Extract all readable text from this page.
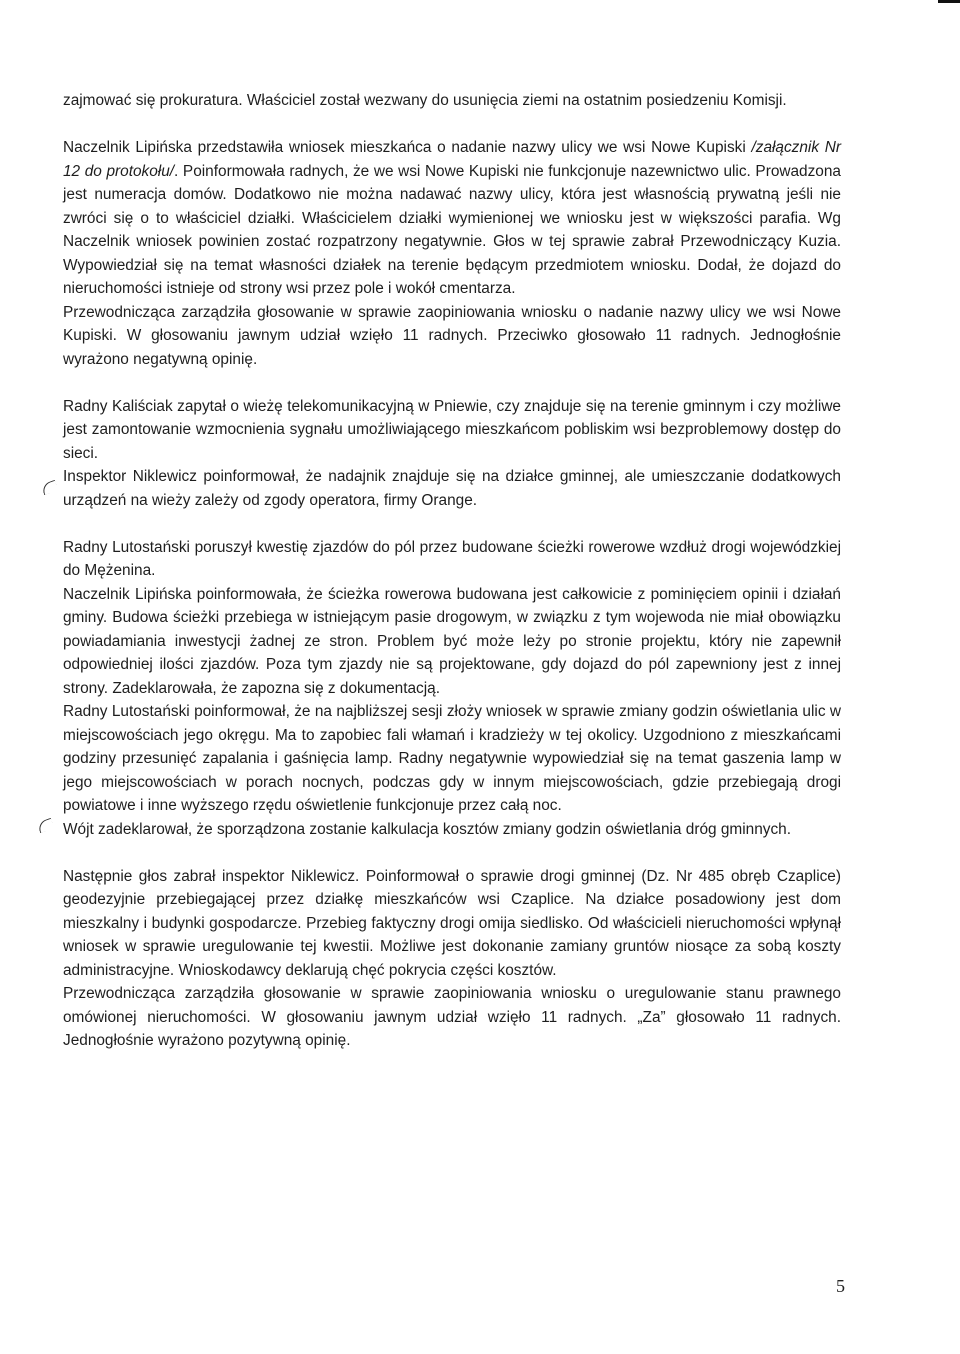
zajmować się prokuratura. Właściciel został wezwany do usunięcia ziemi na ostatnim posiedzeniu Komisji.

Naczelnik Lipińska przedstawiła wniosek mieszkańca o nadanie nazwy ulicy we wsi Nowe Kupiski /załącznik Nr 12 do protokołu/. Poinformowała radnych, że we wsi Nowe Kupiski nie funkcjonuje nazewnictwo ulic. Prowadzona jest numeracja domów. Dodatkowo nie można nadawać nazwy ulicy, która jest własnością prywatną jeśli nie zwróci się o to właściciel działki. Właścicielem działki wymienionej we wniosku jest w większości parafia. Wg Naczelnik wniosek powinien zostać rozpatrzony negatywnie. Głos w tej sprawie zabrał Przewodniczący Kuzia. Wypowiedział się na temat własności działek na terenie będącym przedmiotem wniosku. Dodał, że dojazd do nieruchomości istnieje od strony wsi przez pole i wokół cmentarza.

Przewodnicząca zarządziła głosowanie w sprawie zaopiniowania wniosku o nadanie nazwy ulicy we wsi Nowe Kupiski. W głosowaniu jawnym udział wzięło 11 radnych. Przeciwko głosowało 11 radnych. Jednogłośnie wyrażono negatywną opinię.

Radny Kaliściak zapytał o wieżę telekomunikacyjną w Pniewie, czy znajduje się na terenie gminnym i czy możliwe jest zamontowanie wzmocnienia sygnału umożliwiającego mieszkańcom pobliskim wsi bezproblemowy dostęp do sieci.

Inspektor Niklewicz poinformował, że nadajnik znajduje się na działce gminnej, ale umieszczanie dodatkowych urządzeń na wieży zależy od zgody operatora, firmy Orange.

Radny Lutostański poruszył kwestię zjazdów do pól przez budowane ścieżki rowerowe wzdłuż drogi wojewódzkiej do Mężenina.

Naczelnik Lipińska poinformowała, że ścieżka rowerowa budowana jest całkowicie z pominięciem opinii i działań gminy. Budowa ścieżki przebiega w istniejącym pasie drogowym, w związku z tym wojewoda nie miał obowiązku powiadamiania inwestycji żadnej ze stron. Problem być może leży po stronie projektu, który nie zapewnił odpowiedniej ilości zjazdów. Poza tym zjazdy nie są projektowane, gdy dojazd do pól zapewniony jest z innej strony. Zadeklarowała, że zapozna się z dokumentacją.

Radny Lutostański poinformował, że na najbliższej sesji złoży wniosek w sprawie zmiany godzin oświetlania ulic w miejscowościach jego okręgu. Ma to zapobiec fali włamań i kradzieży w tej okolicy. Uzgodniono z mieszkańcami godziny przesunięć zapalania i gaśnięcia lamp. Radny negatywnie wypowiedział się na temat gaszenia lamp w jego miejscowościach w porach nocnych, podczas gdy w innym miejscowościach, gdzie przebiegają drogi powiatowe i inne wyższego rzędu oświetlenie funkcjonuje przez całą noc.

Wójt zadeklarował, że sporządzona zostanie kalkulacja kosztów zmiany godzin oświetlania dróg gminnych.

Następnie głos zabrał inspektor Niklewicz. Poinformował o sprawie drogi gminnej (Dz. Nr 485 obręb Czaplice) geodezyjnie przebiegającej przez działkę mieszkańców wsi Czaplice. Na działce posadowiony jest dom mieszkalny i budynki gospodarcze. Przebieg faktyczny drogi omija siedlisko. Od właścicieli nieruchomości wpłynął wniosek w sprawie uregulowanie tej kwestii. Możliwe jest dokonanie zamiany gruntów niosące za sobą koszty administracyjne. Wnioskodawcy deklarują chęć pokrycia części kosztów.

Przewodnicząca zarządziła głosowanie w sprawie zaopiniowania wniosku o uregulowanie stanu prawnego omówionej nieruchomości. W głosowaniu jawnym udział wzięło 11 radnych. „Za” głosowało 11 radnych. Jednogłośnie wyrażono pozytywną opinię.

5
